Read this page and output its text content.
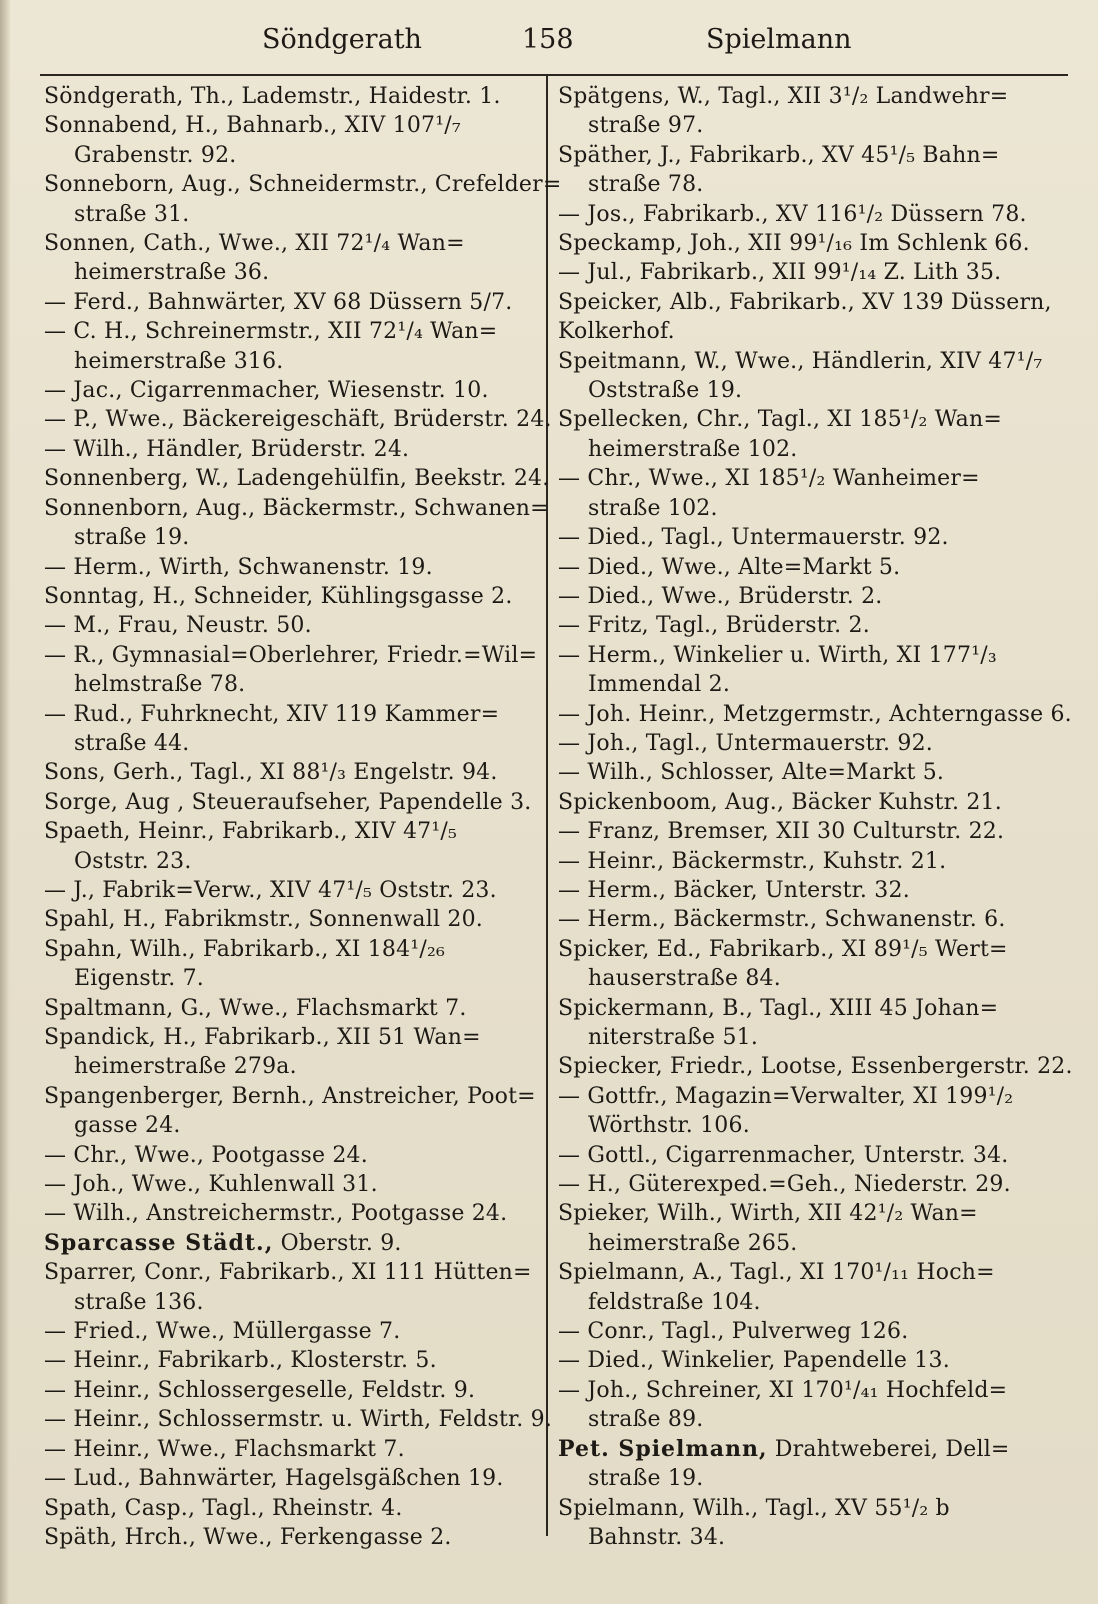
Söndgerath	158	Spielmann
Söndgerath, Th., Lademstr., Haidestr. 1.
Sonnabend, H., Bahnarb., XIV 107¹/₇
Grabenstr. 92.
Sonneborn, Aug., Schneidermstr., Crefelder=
straße 31.
Sonnen, Cath., Wwe., XII 72¹/₄ Wan=
heimerstraße 36.
— Ferd., Bahnwärter, XV 68 Düssern 5/7.
— C. H., Schreinermstr., XII 72¹/₄ Wan=
heimerstraße 316.
— Jac., Cigarrenmacher, Wiesenstr. 10.
— P., Wwe., Bäckereigeschäft, Brüderstr. 24.
— Wilh., Händler, Brüderstr. 24.
Sonnenberg, W., Ladengehülfin, Beekstr. 24.
Sonnenborn, Aug., Bäckermstr., Schwanen=
straße 19.
— Herm., Wirth, Schwanenstr. 19.
Sonntag, H., Schneider, Kühlingsgasse 2.
— M., Frau, Neustr. 50.
— R., Gymnasial=Oberlehrer, Friedr.=Wil=
helmstraße 78.
— Rud., Fuhrknecht, XIV 119 Kammer=
straße 44.
Sons, Gerh., Tagl., XI 88¹/₃ Engelstr. 94.
Sorge, Aug , Steueraufseher, Papendelle 3.
Spaeth, Heinr., Fabrikarb., XIV 47¹/₅
Oststr. 23.
— J., Fabrik=Verw., XIV 47¹/₅ Oststr. 23.
Spahl, H., Fabrikmstr., Sonnenwall 20.
Spahn, Wilh., Fabrikarb., XI 184¹/₂₆
Eigenstr. 7.
Spaltmann, G., Wwe., Flachsmarkt 7.
Spandick, H., Fabrikarb., XII 51 Wan=
heimerstraße 279a.
Spangenberger, Bernh., Anstreicher, Poot=
gasse 24.
— Chr., Wwe., Pootgasse 24.
— Joh., Wwe., Kuhlenwall 31.
— Wilh., Anstreichermstr., Pootgasse 24.
Sparcasse Städt., Oberstr. 9.
Sparrer, Conr., Fabrikarb., XI 111 Hütten=
straße 136.
— Fried., Wwe., Müllergasse 7.
— Heinr., Fabrikarb., Klosterstr. 5.
— Heinr., Schlossergeselle, Feldstr. 9.
— Heinr., Schlossermstr. u. Wirth, Feldstr. 9.
— Heinr., Wwe., Flachsmarkt 7.
— Lud., Bahnwärter, Hagelsgäßchen 19.
Spath, Casp., Tagl., Rheinstr. 4.
Späth, Hrch., Wwe., Ferkengasse 2.
Spätgens, W., Tagl., XII 3¹/₂ Landwehr=
straße 97.
Späther, J., Fabrikarb., XV 45¹/₅ Bahn=
straße 78.
— Jos., Fabrikarb., XV 116¹/₂ Düssern 78.
Speckamp, Joh., XII 99¹/₁₆ Im Schlenk 66.
— Jul., Fabrikarb., XII 99¹/₁₄ Z. Lith 35.
Speicker, Alb., Fabrikarb., XV 139 Düssern,
Kolkerhof.
Speitmann, W., Wwe., Händlerin, XIV 47¹/₇
Oststraße 19.
Spellecken, Chr., Tagl., XI 185¹/₂ Wan=
heimerstraße 102.
— Chr., Wwe., XI 185¹/₂ Wanheimer=
straße 102.
— Died., Tagl., Untermauerstr. 92.
— Died., Wwe., Alte=Markt 5.
— Died., Wwe., Brüderstr. 2.
— Fritz, Tagl., Brüderstr. 2.
— Herm., Winkelier u. Wirth, XI 177¹/₃
Immendal 2.
— Joh. Heinr., Metzgermstr., Achterngasse 6.
— Joh., Tagl., Untermauerstr. 92.
— Wilh., Schlosser, Alte=Markt 5.
Spickenboom, Aug., Bäcker Kuhstr. 21.
— Franz, Bremser, XII 30 Culturstr. 22.
— Heinr., Bäckermstr., Kuhstr. 21.
— Herm., Bäcker, Unterstr. 32.
— Herm., Bäckermstr., Schwanenstr. 6.
Spicker, Ed., Fabrikarb., XI 89¹/₅ Wert=
hauserstraße 84.
Spickermann, B., Tagl., XIII 45 Johan=
niterstraße 51.
Spiecker, Friedr., Lootse, Essenbergerstr. 22.
— Gottfr., Magazin=Verwalter, XI 199¹/₂
Wörthstr. 106.
— Gottl., Cigarrenmacher, Unterstr. 34.
— H., Güterexped.=Geh., Niederstr. 29.
Spieker, Wilh., Wirth, XII 42¹/₂ Wan=
heimerstraße 265.
Spielmann, A., Tagl., XI 170¹/₁₁ Hoch=
feldstraße 104.
— Conr., Tagl., Pulverweg 126.
— Died., Winkelier, Papendelle 13.
— Joh., Schreiner, XI 170¹/₄₁ Hochfeld=
straße 89.
Pet. Spielmann, Drahtweberei, Dell=
straße 19.
Spielmann, Wilh., Tagl., XV 55¹/₂ b
Bahnstr. 34.
